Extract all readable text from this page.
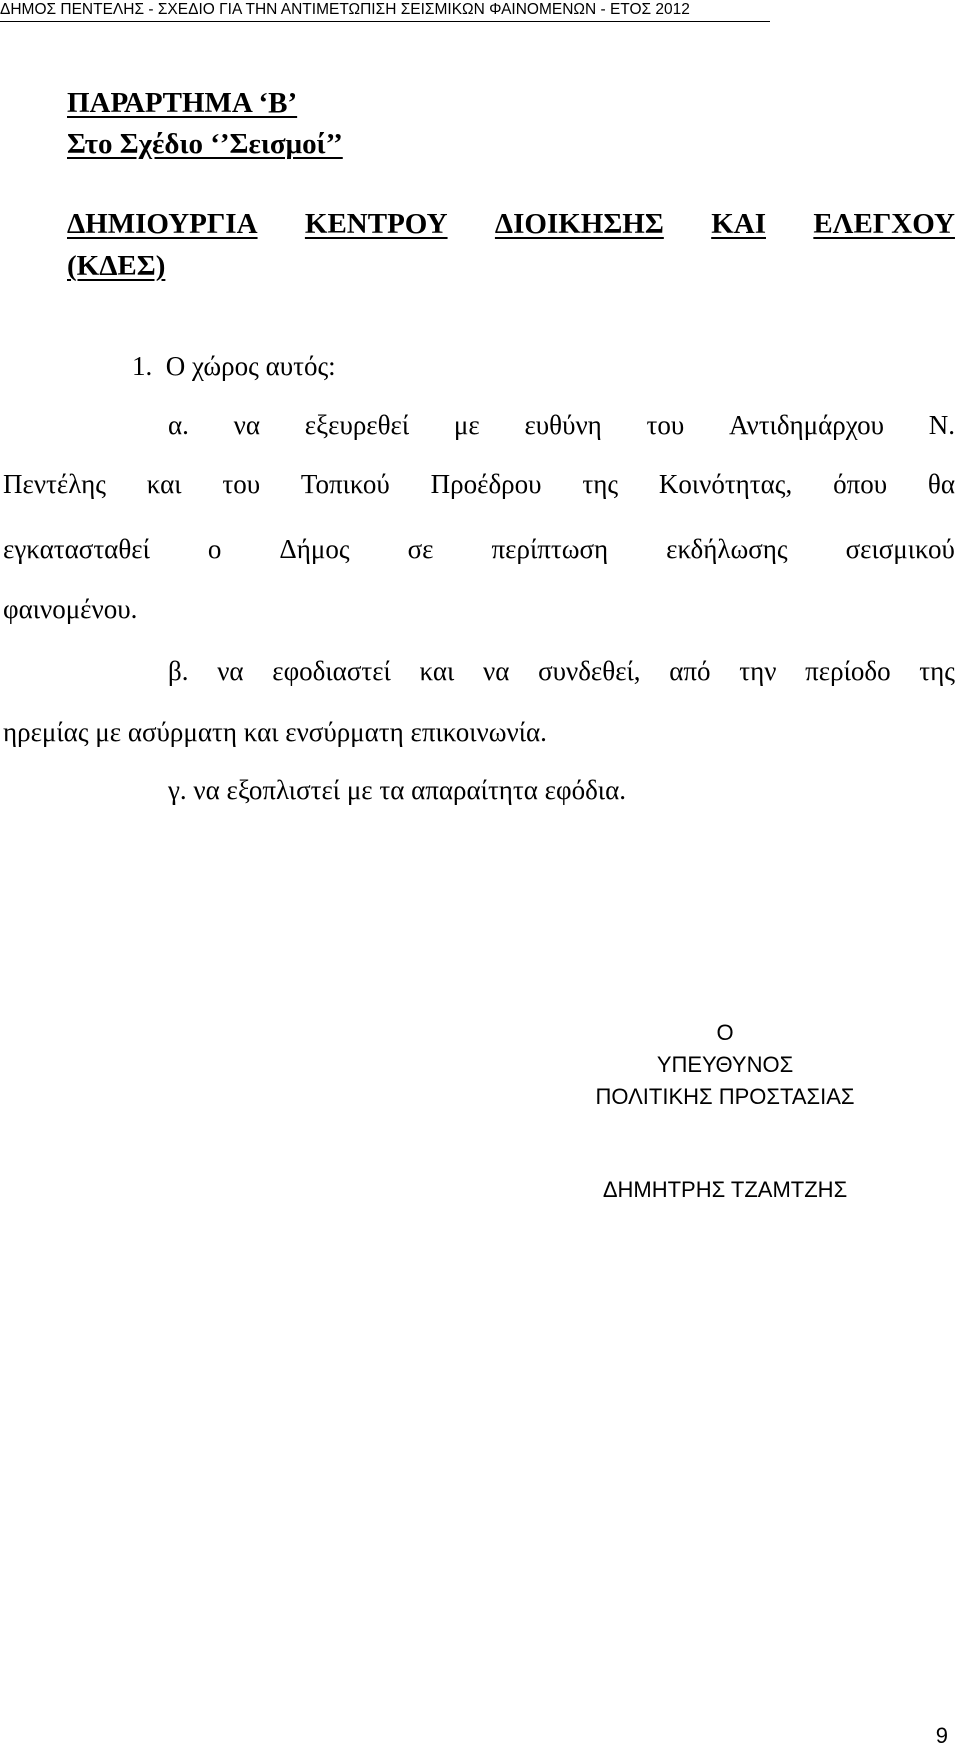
ΔΗΜΟΣ ΠΕΝΤΕΛΗΣ - ΣΧΕΔΙΟ ΓΙΑ ΤΗΝ ΑΝΤΙΜΕΤΩΠΙΣΗ ΣΕΙΣΜΙΚΩΝ ΦΑΙΝΟΜΕΝΩΝ - ΕΤΟΣ 2012
ΠΑΡΑΡΤΗΜΑ ‘Β’
Στο Σχέδιο ‘’Σεισμοί’’
ΔΗΜΙΟΥΡΓΙΑ ΚΕΝΤΡΟΥ ΔΙΟΙΚΗΣΗΣ ΚΑΙ ΕΛΕΓΧΟΥ
(ΚΔΕΣ)
1.  Ο χώρος αυτός:
α. να εξευρεθεί με ευθύνη του Αντιδημάρχου Ν.
Πεντέλης και του Τοπικού Προέδρου της Κοινότητας, όπου θα
εγκατασταθεί ο Δήμος σε περίπτωση εκδήλωσης σεισμικού
φαινομένου.
β. να εφοδιαστεί και να συνδεθεί, από την περίοδο της
ηρεμίας με ασύρματη και ενσύρματη επικοινωνία.
γ. να εξοπλιστεί με τα απαραίτητα εφόδια.
Ο
ΥΠΕΥΘΥΝΟΣ
ΠΟΛΙΤΙΚΗΣ ΠΡΟΣΤΑΣΙΑΣ
ΔΗΜΗΤΡΗΣ ΤΖΑΜΤΖΗΣ
9
